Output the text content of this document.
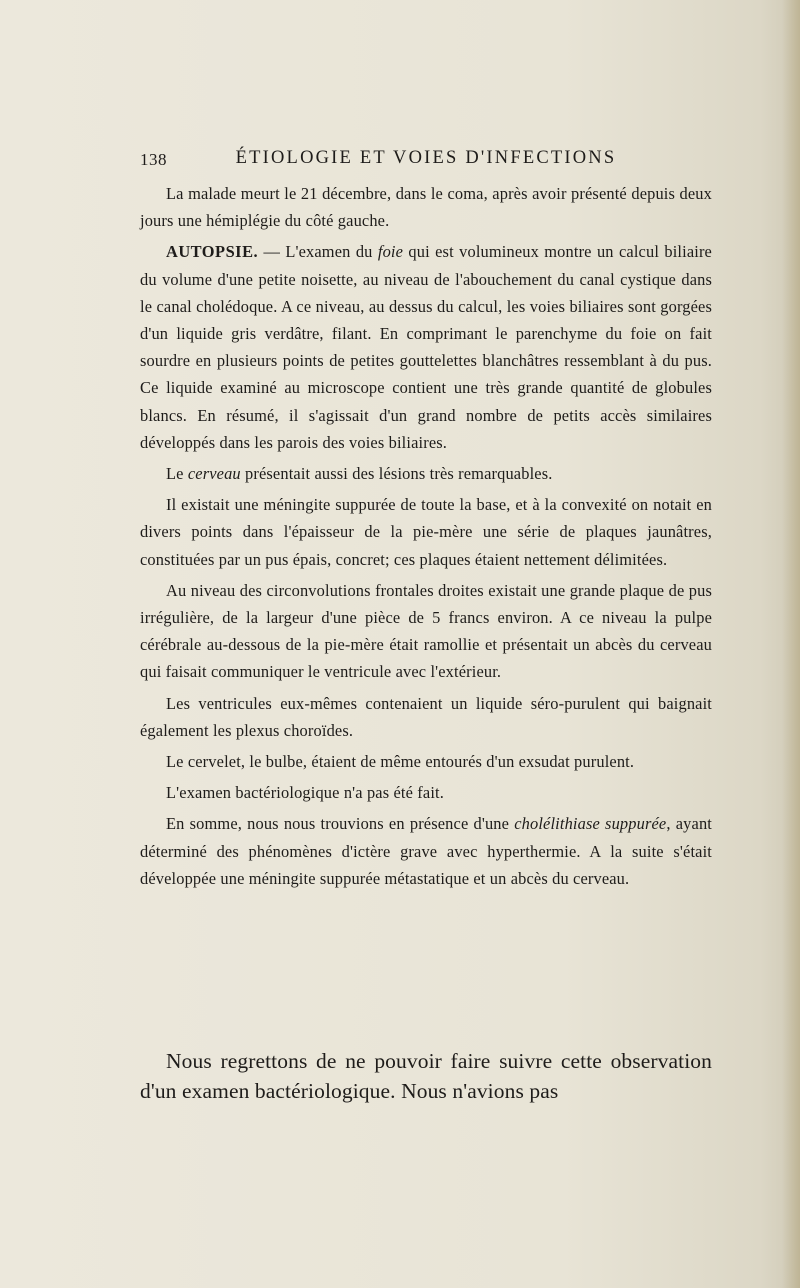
138	ÉTIOLOGIE ET VOIES D'INFECTIONS

La malade meurt le 21 décembre, dans le coma, après avoir présenté depuis deux jours une hémiplégie du côté gauche.

AUTOPSIE. — L'examen du foie qui est volumineux montre un calcul biliaire du volume d'une petite noisette, au niveau de l'abouchement du canal cystique dans le canal cholédoque. A ce niveau, au dessus du calcul, les voies biliaires sont gorgées d'un liquide gris verdâtre, filant. En comprimant le parenchyme du foie on fait sourdre en plusieurs points de petites gouttelettes blanchâtres ressemblant à du pus. Ce liquide examiné au microscope contient une très grande quantité de globules blancs. En résumé, il s'agissait d'un grand nombre de petits accès similaires développés dans les parois des voies biliaires.

Le cerveau présentait aussi des lésions très remarquables.

Il existait une méningite suppurée de toute la base, et à la convexité on notait en divers points dans l'épaisseur de la pie-mère une série de plaques jaunâtres, constituées par un pus épais, concret; ces plaques étaient nettement délimitées.

Au niveau des circonvolutions frontales droites existait une grande plaque de pus irrégulière, de la largeur d'une pièce de 5 francs environ. A ce niveau la pulpe cérébrale au-dessous de la pie-mère était ramollie et présentait un abcès du cerveau qui faisait communiquer le ventricule avec l'extérieur.

Les ventricules eux-mêmes contenaient un liquide séro-purulent qui baignait également les plexus choroïdes.

Le cervelet, le bulbe, étaient de même entourés d'un exsudat purulent.

L'examen bactériologique n'a pas été fait.

En somme, nous nous trouvions en présence d'une cholélithiase suppurée, ayant déterminé des phénomènes d'ictère grave avec hyperthermie. A la suite s'était développée une méningite suppurée métastatique et un abcès du cerveau.

Nous regrettons de ne pouvoir faire suivre cette observation d'un examen bactériologique. Nous n'avions pas
